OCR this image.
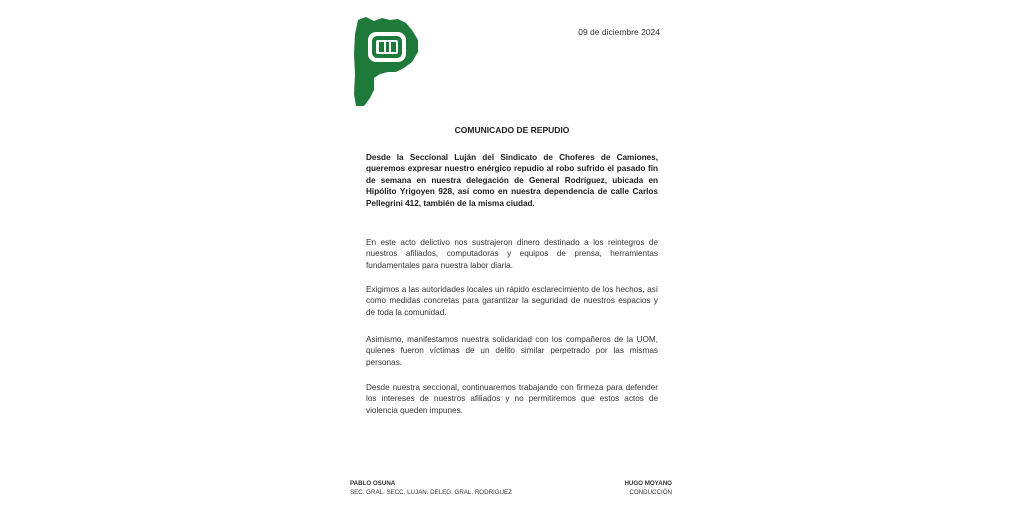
09 de diciembre 2024
COMUNICADO DE REPUDIO

Desde la Seccional Luján del Sindicato de Choferes de Camiones, queremos expresar nuestro enérgico repudio al robo sufrido el pasado fin de semana en nuestra delegación de General Rodríguez, ubicada en Hipólito Yrigoyen 928, así como en nuestra dependencia de calle Carlos Pellegrini 412, también de la misma ciudad.

En este acto delictivo nos sustrajeron dinero destinado a los reintegros de nuestros afiliados, computadoras y equipos de prensa, herramientas fundamentales para nuestra labor diaria.

Exigimos a las autoridades locales un rápido esclarecimiento de los hechos, así como medidas concretas para garantizar la seguridad de nuestros espacios y de toda la comunidad.

Asimismo, manifestamos nuestra solidaridad con los compañeros de la UOM, quienes fueron víctimas de un delito similar perpetrado por las mismas personas.

Desde nuestra seccional, continuaremos trabajando con firmeza para defender los intereses de nuestros afiliados y no permitiremos que estos actos de violencia queden impunes.

PABLO OSUNA
SEC. GRAL. SECC. LUJAN. DELEG. GRAL. RODRIGUEZ
HUGO MOYANO
CONDUCCIÓN
